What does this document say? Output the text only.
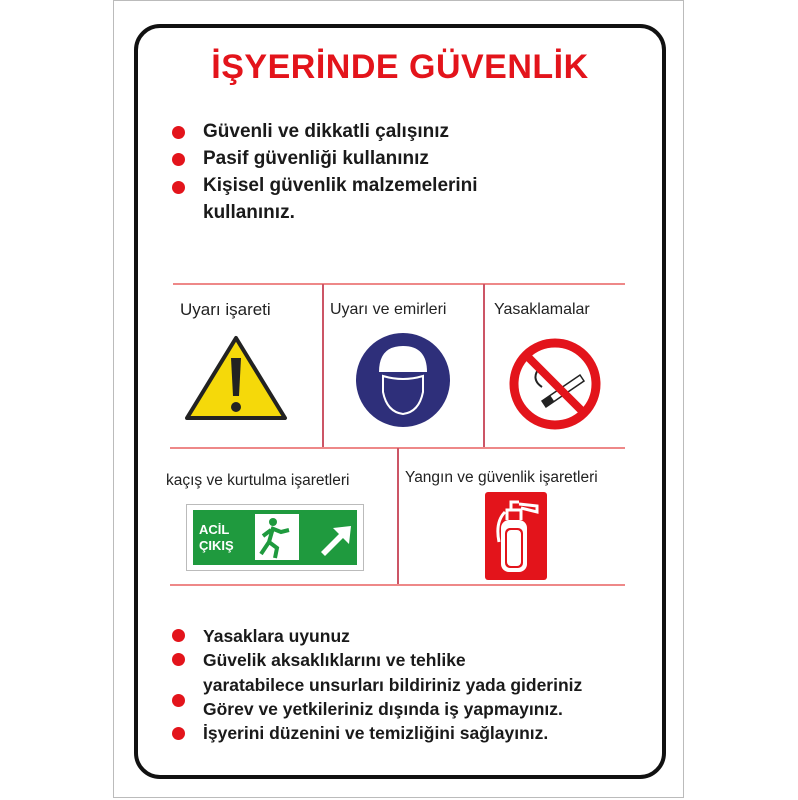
İŞYERİNDE GÜVENLİK
Güvenli ve dikkatli çalışınız
Pasif güvenliği kullanınız
Kişisel güvenlik malzemelerini
kullanınız.
Uyarı işareti	Uyarı ve emirleri	Yasaklamalar
kaçış ve kurtulma işaretleri	Yangın ve güvenlik işaretleri
ACİL
ÇIKIŞ
Yasaklara uyunuz
Güvelik aksaklıklarını ve tehlike
yaratabilece unsurları bildiriniz yada gideriniz
Görev ve yetkileriniz dışında iş yapmayınız.
İşyerini düzenini ve temizliğini sağlayınız.
